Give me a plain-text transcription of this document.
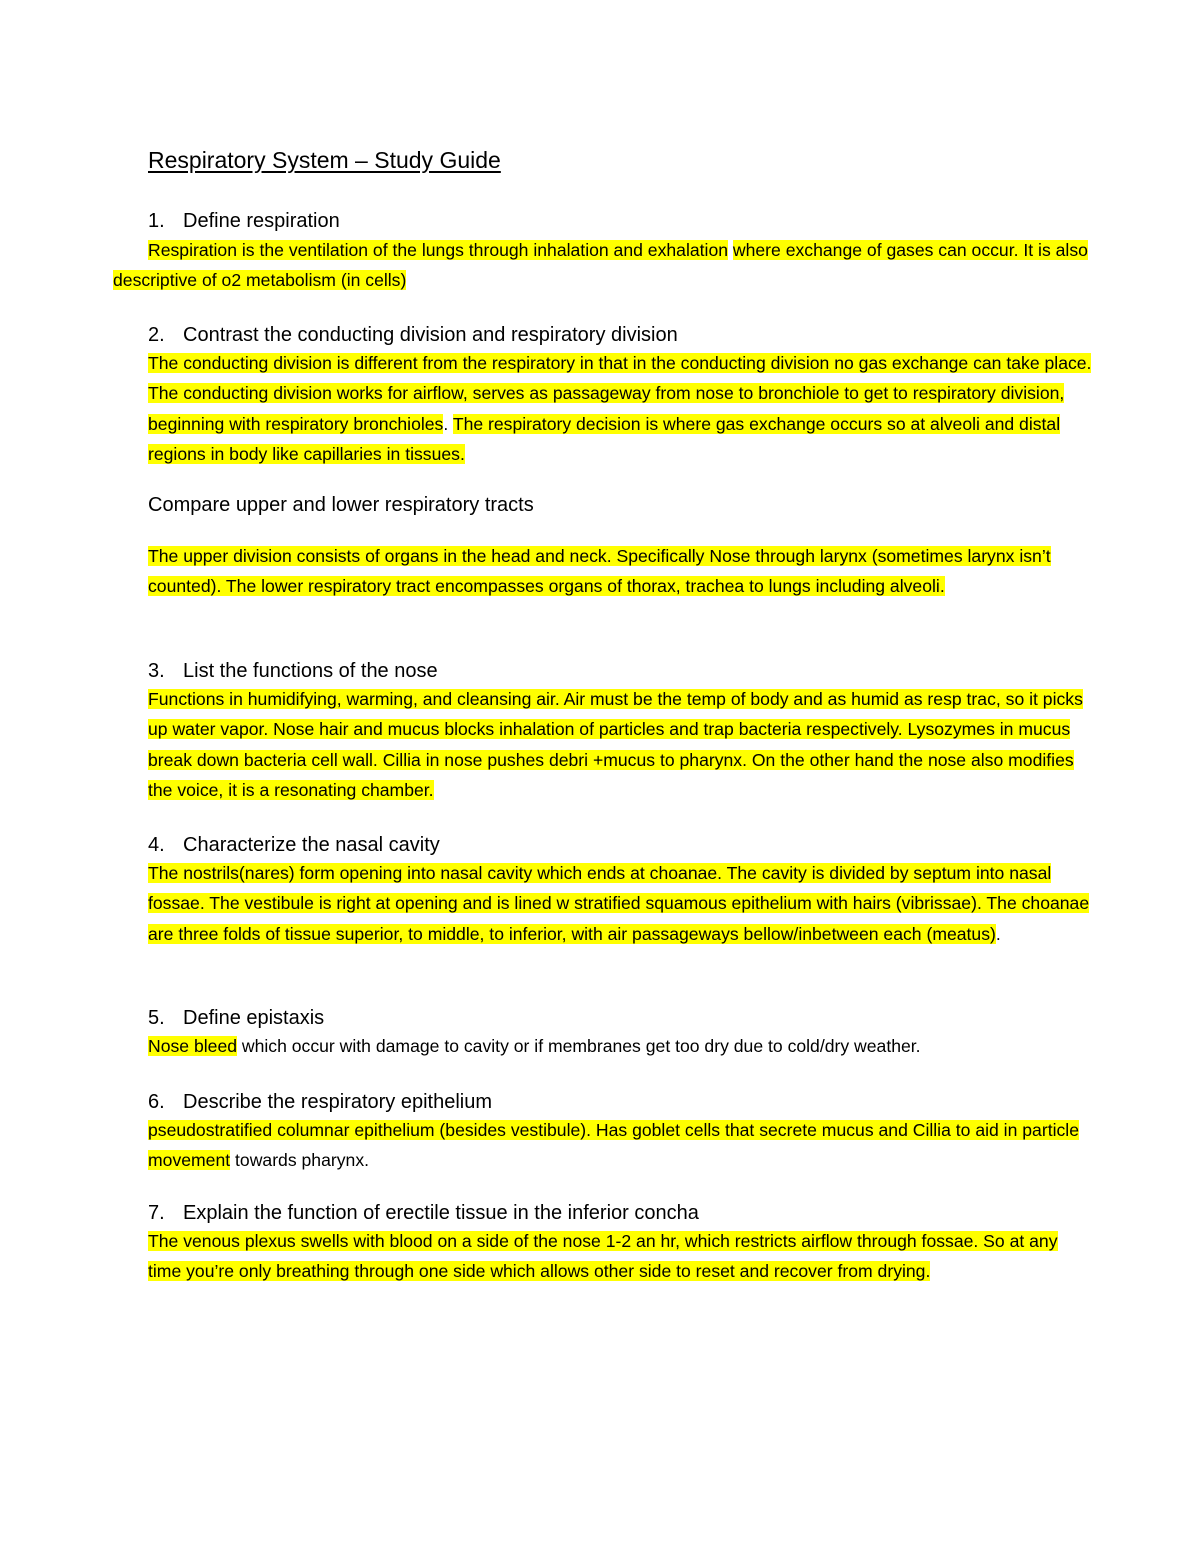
Respiratory System – Study Guide
1. Define respiration

Respiration is the ventilation of the lungs through inhalation and exhalation where exchange of gases can occur. It is also descriptive of o2 metabolism (in cells)

2. Contrast the conducting division and respiratory division

The conducting division is different from the respiratory in that in the conducting division no gas exchange can take place. The conducting division works for airflow, serves as passageway from nose to bronchiole to get to respiratory division, beginning with respiratory bronchioles. The respiratory decision is where gas exchange occurs so at alveoli and distal regions in body like capillaries in tissues.

Compare upper and lower respiratory tracts

The upper division consists of organs in the head and neck. Specifically Nose through larynx (sometimes larynx isn’t counted). The lower respiratory tract encompasses organs of thorax, trachea to lungs including alveoli.

3. List the functions of the nose

Functions in humidifying, warming, and cleansing air. Air must be the temp of body and as humid as resp trac, so it picks up water vapor. Nose hair and mucus blocks inhalation of particles and trap bacteria respectively. Lysozymes in mucus break down bacteria cell wall. Cillia in nose pushes debri +mucus to pharynx. On the other hand the nose also modifies the voice, it is a resonating chamber.

4. Characterize the nasal cavity

The nostrils(nares) form opening into nasal cavity which ends at choanae. The cavity is divided by septum into nasal fossae. The vestibule is right at opening and is lined w stratified squamous epithelium with hairs (vibrissae). The choanae are three folds of tissue superior, to middle, to inferior, with air passageways bellow/inbetween each (meatus).

5. Define epistaxis

Nose bleed which occur with damage to cavity or if membranes get too dry due to cold/dry weather.

6. Describe the respiratory epithelium

pseudostratified columnar epithelium (besides vestibule). Has goblet cells that secrete mucus and Cillia to aid in particle movement towards pharynx.

7. Explain the function of erectile tissue in the inferior concha

The venous plexus swells with blood on a side of the nose 1-2 an hr, which restricts airflow through fossae. So at any time you’re only breathing through one side which allows other side to reset and recover from drying.
